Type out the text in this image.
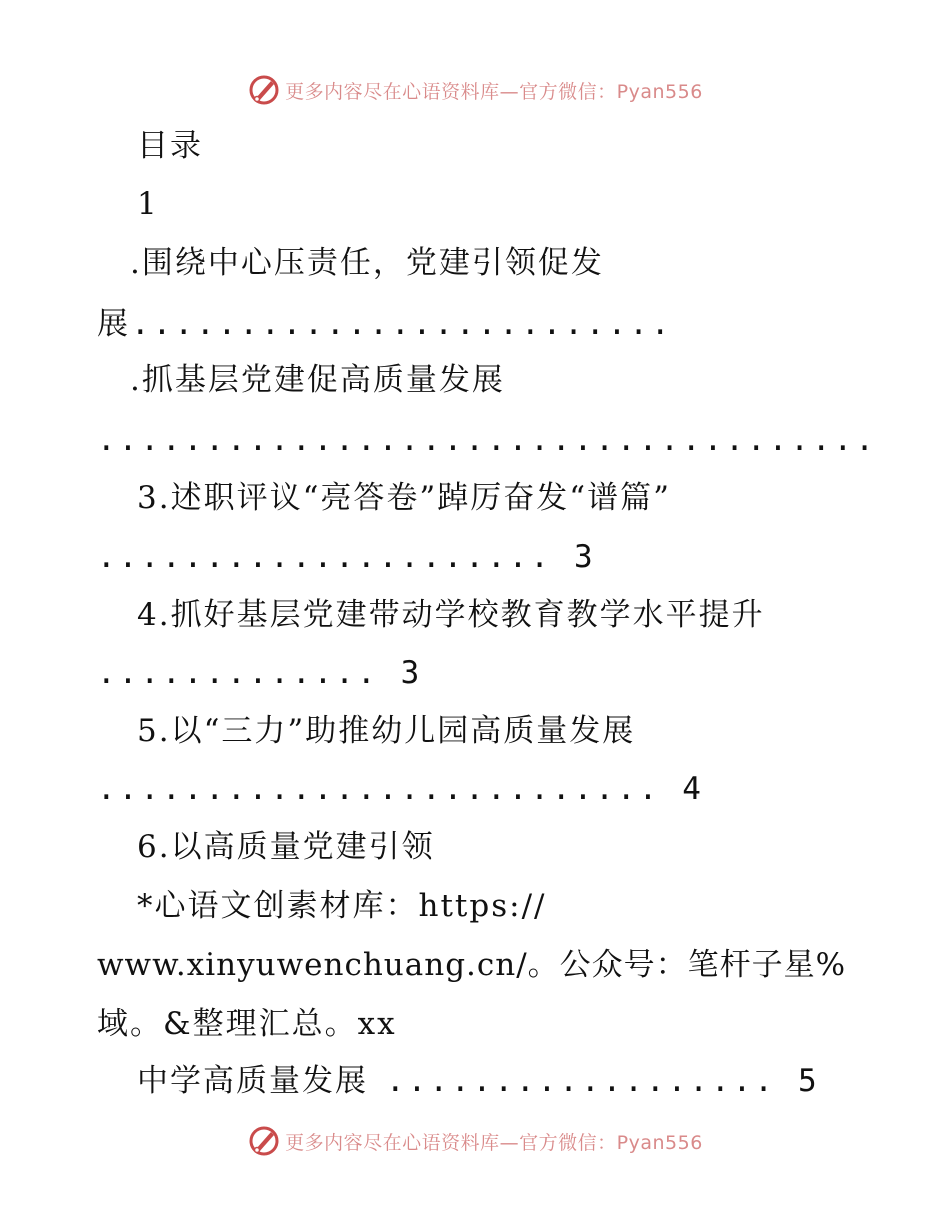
更多内容尽在心语资料库—官方微信：Pyan556
目录
1
.围绕中心压责任，党建引领促发
展.........................
.抓基层党建促高质量发展
....................................
3.述职评议“亮答卷”踔厉奋发“谱篇”
..................... 3
4.抓好基层党建带动学校教育教学水平提升
............. 3
5.以“三力”助推幼儿园高质量发展
.......................... 4
6.以高质量党建引领
*心语文创素材库：https://
www.xinyuwenchuang.cn/。公众号：笔杆子星%
域。&整理汇总。xx
中学高质量发展 .................. 5
更多内容尽在心语资料库—官方微信：Pyan556
